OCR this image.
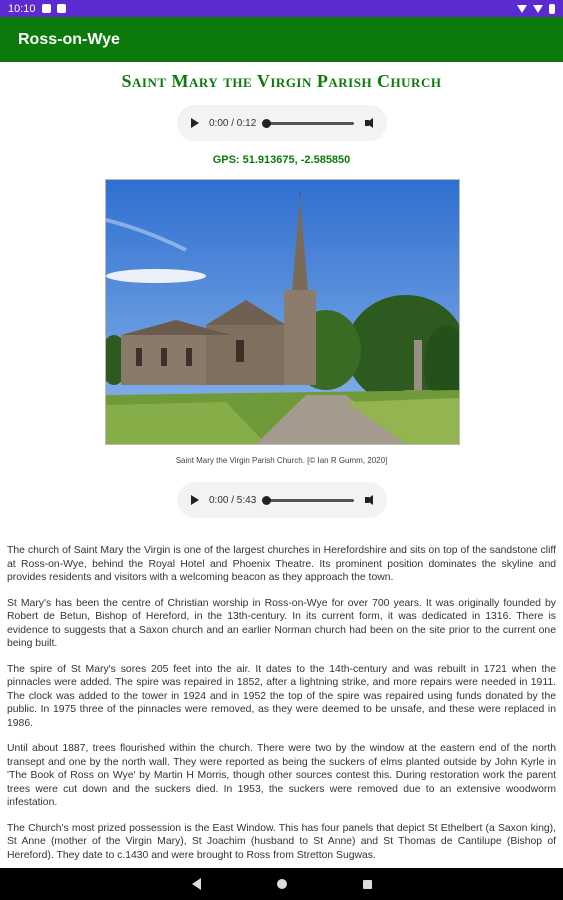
10:10
Ross-on-Wye
Saint Mary the Virgin Parish Church
0:00 / 0:12
GPS: 51.913675, -2.585850
Saint Mary the Virgin Parish Church. [© Ian R Gumm, 2020]
0:00 / 5:43

The church of Saint Mary the Virgin is one of the largest churches in Herefordshire and sits on top of the sandstone cliff at Ross-on-Wye, behind the Royal Hotel and Phoenix Theatre. Its prominent position dominates the skyline and provides residents and visitors with a welcoming beacon as they approach the town.

St Mary's has been the centre of Christian worship in Ross-on-Wye for over 700 years. It was originally founded by Robert de Betun, Bishop of Hereford, in the 13th-century. In its current form, it was dedicated in 1316. There is evidence to suggests that a Saxon church and an earlier Norman church had been on the site prior to the current one being built.

The spire of St Mary's sores 205 feet into the air. It dates to the 14th-century and was rebuilt in 1721 when the pinnacles were added. The spire was repaired in 1852, after a lightning strike, and more repairs were needed in 1911. The clock was added to the tower in 1924 and in 1952 the top of the spire was repaired using funds donated by the public. In 1975 three of the pinnacles were removed, as they were deemed to be unsafe, and these were replaced in 1986.

Until about 1887, trees flourished within the church. There were two by the window at the eastern end of the north transept and one by the north wall. They were reported as being the suckers of elms planted outside by John Kyrle in 'The Book of Ross on Wye' by Martin H Morris, though other sources contest this. During restoration work the parent trees were cut down and the suckers died. In 1953, the suckers were removed due to an extensive woodworm infestation.

The Church's most prized possession is the East Window. This has four panels that depict St Ethelbert (a Saxon king), St Anne (mother of the Virgin Mary), St Joachim (husband to St Anne) and St Thomas de Cantilupe (Bishop of Hereford). They date to c.1430 and were brought to Ross from Stretton Sugwas.
